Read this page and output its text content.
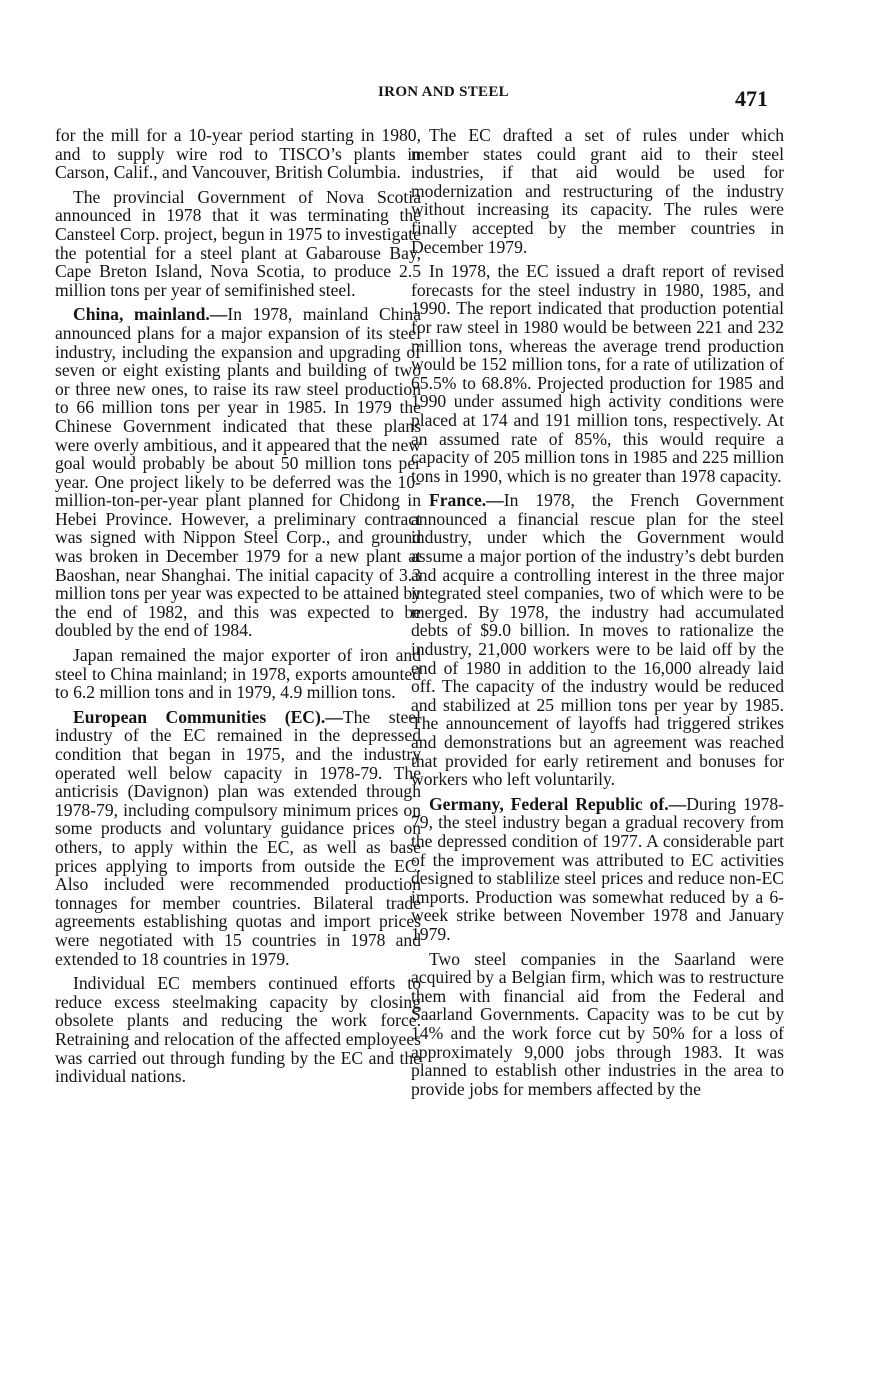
IRON AND STEEL	471

for the mill for a 10-year period starting in 1980, and to supply wire rod to TISCO’s plants in Carson, Calif., and Vancouver, British Columbia.

The provincial Government of Nova Scotia announced in 1978 that it was terminating the Cansteel Corp. project, begun in 1975 to investigate the potential for a steel plant at Gabarouse Bay, Cape Breton Island, Nova Scotia, to produce 2.5 million tons per year of semifinished steel.

China, mainland.—In 1978, mainland China announced plans for a major expansion of its steel industry, including the expansion and upgrading of seven or eight existing plants and building of two or three new ones, to raise its raw steel production to 66 million tons per year in 1985. In 1979 the Chinese Government indicated that these plans were overly ambitious, and it appeared that the new goal would probably be about 50 million tons per year. One project likely to be deferred was the 10-million-ton-per-year plant planned for Chidong in Hebei Province. However, a preliminary contract was signed with Nippon Steel Corp., and ground was broken in December 1979 for a new plant at Baoshan, near Shanghai. The initial capacity of 3.3 million tons per year was expected to be attained by the end of 1982, and this was expected to be doubled by the end of 1984.

Japan remained the major exporter of iron and steel to China mainland; in 1978, exports amounted to 6.2 million tons and in 1979, 4.9 million tons.

European Communities (EC).—The steel industry of the EC remained in the depressed condition that began in 1975, and the industry operated well below capacity in 1978-79. The anticrisis (Davignon) plan was extended through 1978-79, including compulsory minimum prices on some products and voluntary guidance prices on others, to apply within the EC, as well as base prices applying to imports from outside the EC. Also included were recommended production tonnages for member countries. Bilateral trade agreements establishing quotas and import prices were negotiated with 15 countries in 1978 and extended to 18 countries in 1979.

Individual EC members continued efforts to reduce excess steelmaking capacity by closing obsolete plants and reducing the work force. Retraining and relocation of the affected employees was carried out through funding by the EC and the individual nations.

The EC drafted a set of rules under which member states could grant aid to their steel industries, if that aid would be used for modernization and restructuring of the industry without increasing its capacity. The rules were finally accepted by the member countries in December 1979.

In 1978, the EC issued a draft report of revised forecasts for the steel industry in 1980, 1985, and 1990. The report indicated that production potential for raw steel in 1980 would be between 221 and 232 million tons, whereas the average trend production would be 152 million tons, for a rate of utilization of 65.5% to 68.8%. Projected production for 1985 and 1990 under assumed high activity conditions were placed at 174 and 191 million tons, respectively. At an assumed rate of 85%, this would require a capacity of 205 million tons in 1985 and 225 million tons in 1990, which is no greater than 1978 capacity.

France.—In 1978, the French Government announced a financial rescue plan for the steel industry, under which the Government would assume a major portion of the industry’s debt burden and acquire a controlling interest in the three major integrated steel companies, two of which were to be merged. By 1978, the industry had accumulated debts of $9.0 billion. In moves to rationalize the industry, 21,000 workers were to be laid off by the end of 1980 in addition to the 16,000 already laid off. The capacity of the industry would be reduced and stabilized at 25 million tons per year by 1985. The announcement of layoffs had triggered strikes and demonstrations but an agreement was reached that provided for early retirement and bonuses for workers who left voluntarily.

Germany, Federal Republic of.—During 1978-79, the steel industry began a gradual recovery from the depressed condition of 1977. A considerable part of the improvement was attributed to EC activities designed to stablilize steel prices and reduce non-EC imports. Production was somewhat reduced by a 6-week strike between November 1978 and January 1979.

Two steel companies in the Saarland were acquired by a Belgian firm, which was to restructure them with financial aid from the Federal and Saarland Governments. Capacity was to be cut by 14% and the work force cut by 50% for a loss of approximately 9,000 jobs through 1983. It was planned to establish other industries in the area to provide jobs for members affected by the
